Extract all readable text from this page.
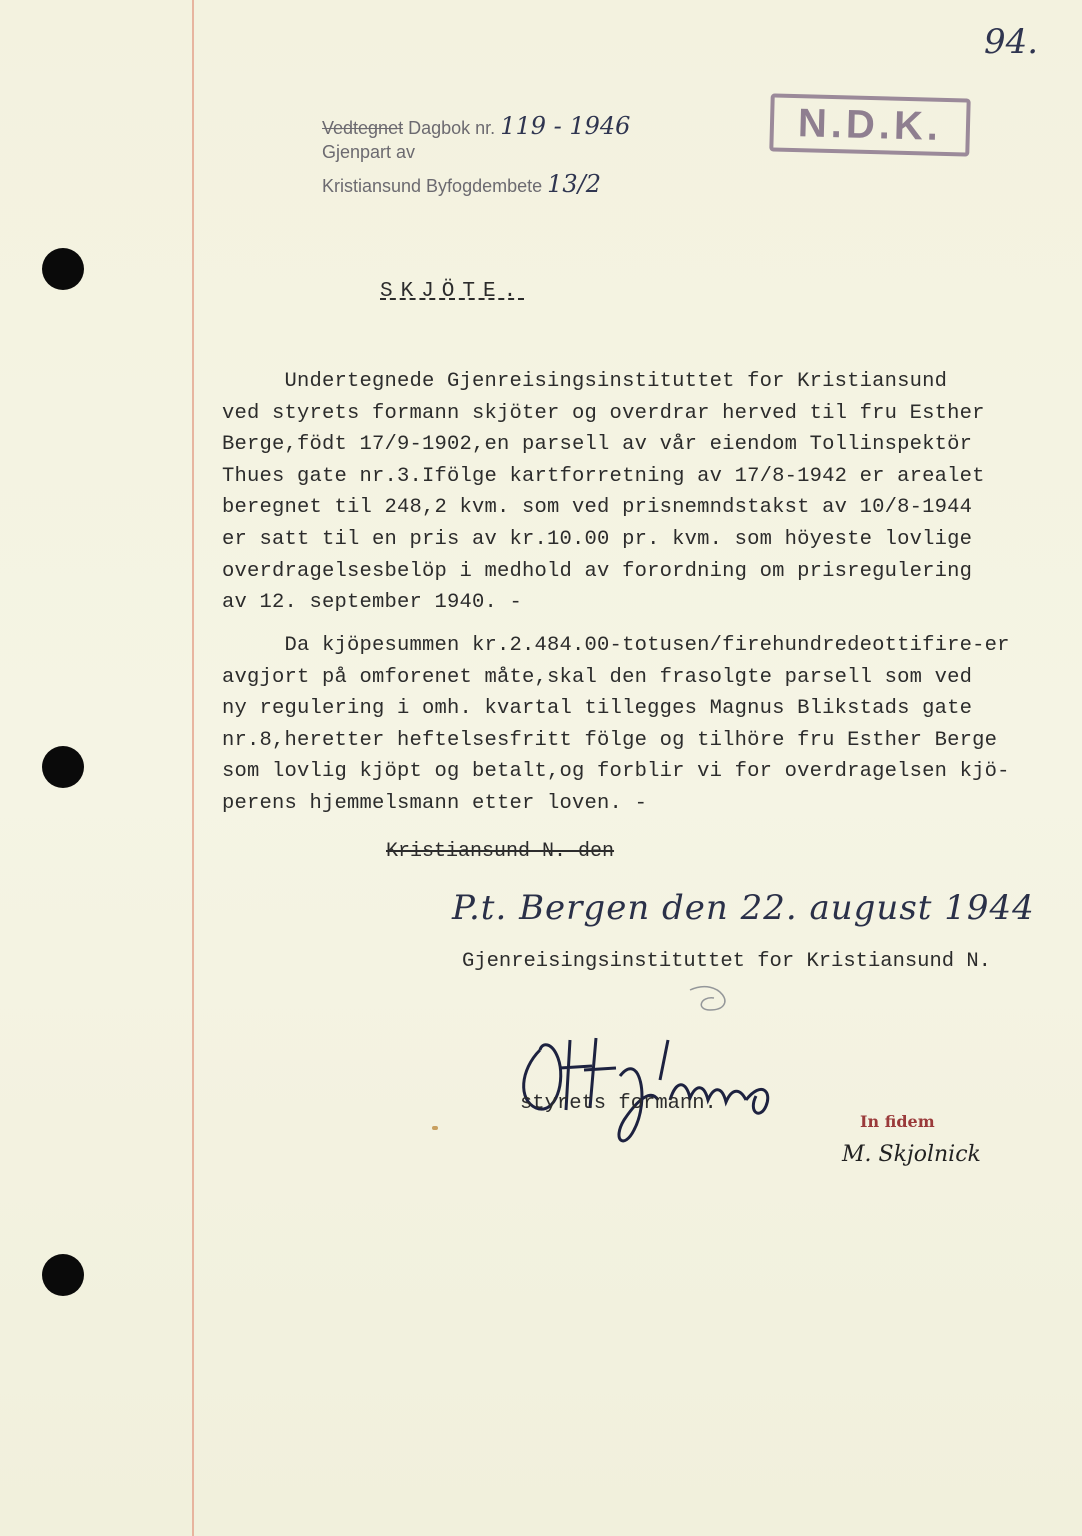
94.
N.D.K.
Vedtegnet Dagbok nr. 119 - 1946
Gjenpart av
Kristiansund Byfogdembete 13/2
SKJÖTE.
Undertegnede Gjenreisingsinstituttet for Kristiansund
ved styrets formann skjöter og overdrar herved til fru Esther
Berge,födt 17/9-1902,en parsell av vår eiendom Tollinspektör
Thues gate nr.3.Ifölge kartforretning av 17/8-1942 er arealet
beregnet til 248,2 kvm. som ved prisnemndstakst av 10/8-1944
er satt til en pris av kr.10.00 pr. kvm. som höyeste lovlige
overdragelsesbelöp i medhold av forordning om prisregulering
av 12. september 1940. -
Da kjöpesummen kr.2.484.00-totusen/firehundredeottifire-er
avgjort på omforenet måte,skal den frasolgte parsell som ved
ny regulering i omh. kvartal tillegges Magnus Blikstads gate
nr.8,heretter heftelsesfritt fölge og tilhöre fru Esther Berge
som lovlig kjöpt og betalt,og forblir vi for overdragelsen kjö-
perens hjemmelsmann etter loven. -
Kristiansund N. den
P.t. Bergen den 22. august 1944
Gjenreisingsinstituttet for Kristiansund N.
styrets formann.
In fidem
M. Skjolnick
